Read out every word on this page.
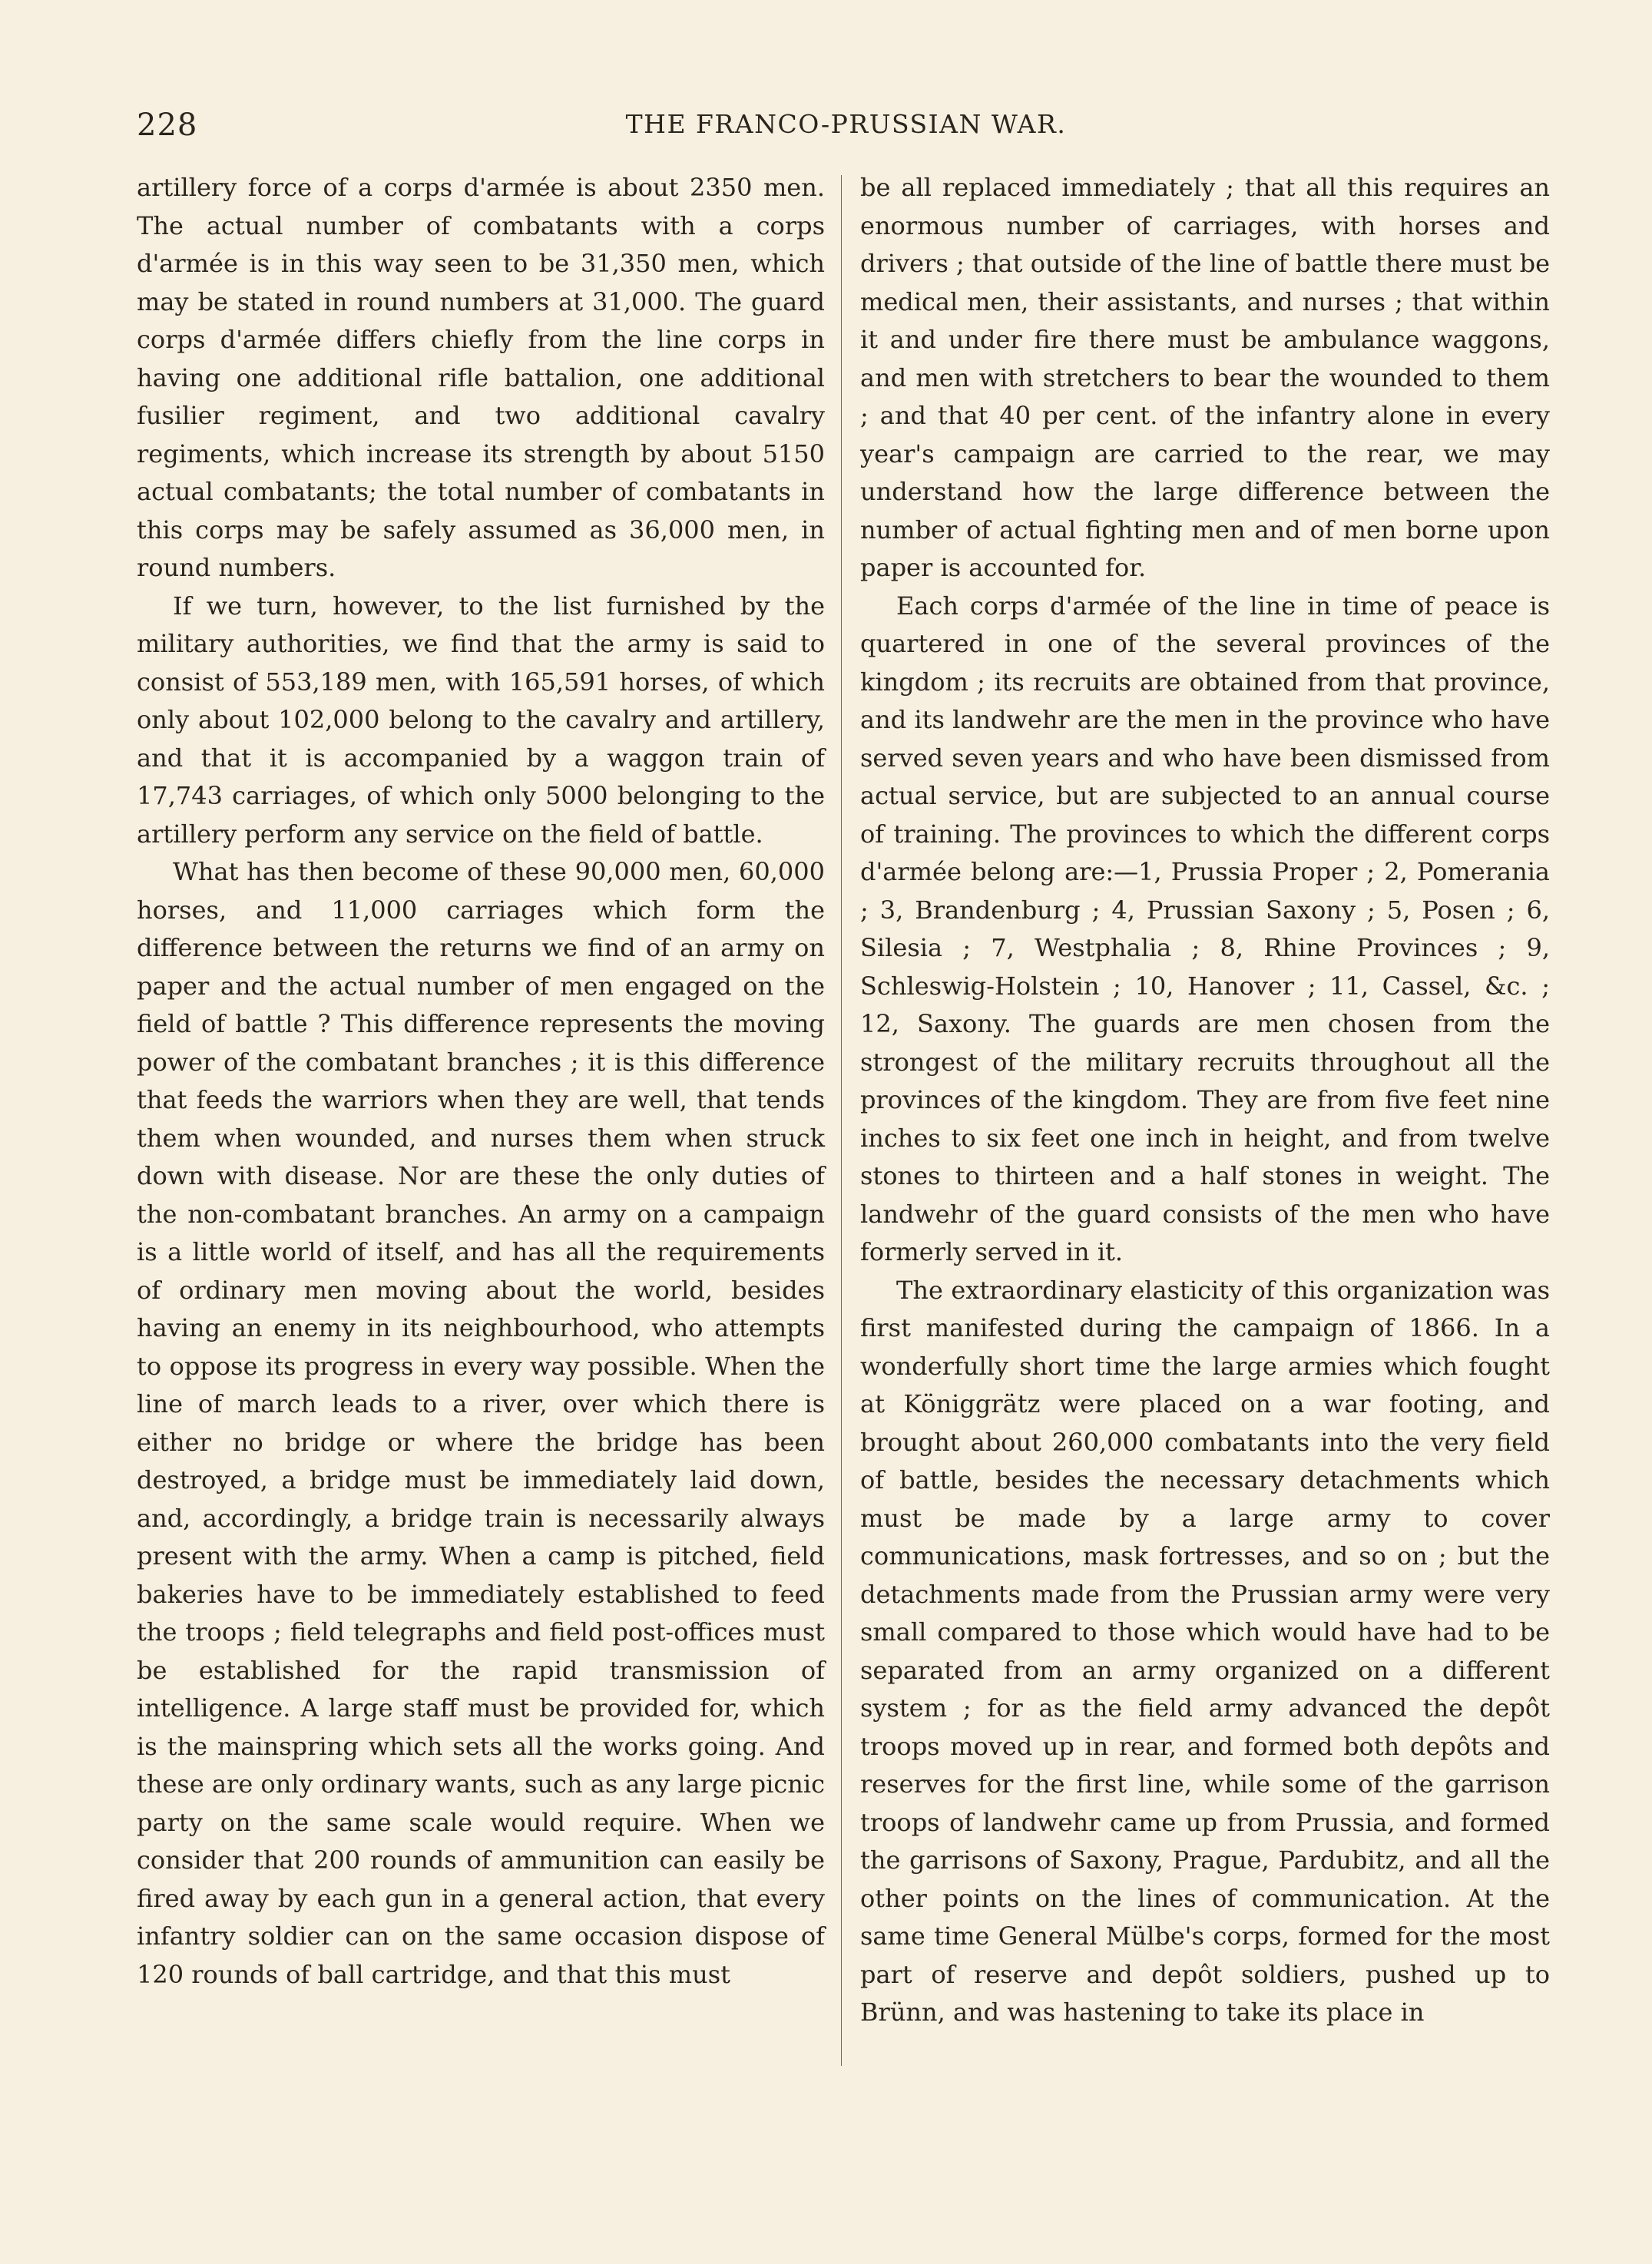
228	THE FRANCO-PRUSSIAN WAR.

artillery force of a corps d'armée is about 2350 men. The actual number of combatants with a corps d'armée is in this way seen to be 31,350 men, which may be stated in round numbers at 31,000. The guard corps d'armée differs chiefly from the line corps in having one additional rifle battalion, one additional fusilier regiment, and two additional cavalry regiments, which increase its strength by about 5150 actual combatants; the total number of combatants in this corps may be safely assumed as 36,000 men, in round numbers.

If we turn, however, to the list furnished by the military authorities, we find that the army is said to consist of 553,189 men, with 165,591 horses, of which only about 102,000 belong to the cavalry and artillery, and that it is accompanied by a waggon train of 17,743 carriages, of which only 5000 belonging to the artillery perform any service on the field of battle.

What has then become of these 90,000 men, 60,000 horses, and 11,000 carriages which form the difference between the returns we find of an army on paper and the actual number of men engaged on the field of battle ? This difference represents the moving power of the combatant branches ; it is this difference that feeds the warriors when they are well, that tends them when wounded, and nurses them when struck down with disease. Nor are these the only duties of the non-combatant branches. An army on a campaign is a little world of itself, and has all the requirements of ordinary men moving about the world, besides having an enemy in its neighbourhood, who attempts to oppose its progress in every way possible. When the line of march leads to a river, over which there is either no bridge or where the bridge has been destroyed, a bridge must be immediately laid down, and, accordingly, a bridge train is necessarily always present with the army. When a camp is pitched, field bakeries have to be immediately established to feed the troops ; field telegraphs and field post-offices must be established for the rapid transmission of intelligence. A large staff must be provided for, which is the mainspring which sets all the works going. And these are only ordinary wants, such as any large picnic party on the same scale would require. When we consider that 200 rounds of ammunition can easily be fired away by each gun in a general action, that every infantry soldier can on the same occasion dispose of 120 rounds of ball cartridge, and that this must

be all replaced immediately ; that all this requires an enormous number of carriages, with horses and drivers ; that outside of the line of battle there must be medical men, their assistants, and nurses ; that within it and under fire there must be ambulance waggons, and men with stretchers to bear the wounded to them ; and that 40 per cent. of the infantry alone in every year's campaign are carried to the rear, we may understand how the large difference between the number of actual fighting men and of men borne upon paper is accounted for.

Each corps d'armée of the line in time of peace is quartered in one of the several provinces of the kingdom ; its recruits are obtained from that province, and its landwehr are the men in the province who have served seven years and who have been dismissed from actual service, but are subjected to an annual course of training. The provinces to which the different corps d'armée belong are:—1, Prussia Proper ; 2, Pomerania ; 3, Brandenburg ; 4, Prussian Saxony ; 5, Posen ; 6, Silesia ; 7, Westphalia ; 8, Rhine Provinces ; 9, Schleswig-Holstein ; 10, Hanover ; 11, Cassel, &c. ; 12, Saxony. The guards are men chosen from the strongest of the military recruits throughout all the provinces of the kingdom. They are from five feet nine inches to six feet one inch in height, and from twelve stones to thirteen and a half stones in weight. The landwehr of the guard consists of the men who have formerly served in it.

The extraordinary elasticity of this organization was first manifested during the campaign of 1866. In a wonderfully short time the large armies which fought at Königgrätz were placed on a war footing, and brought about 260,000 combatants into the very field of battle, besides the necessary detachments which must be made by a large army to cover communications, mask fortresses, and so on ; but the detachments made from the Prussian army were very small compared to those which would have had to be separated from an army organized on a different system ; for as the field army advanced the depôt troops moved up in rear, and formed both depôts and reserves for the first line, while some of the garrison troops of landwehr came up from Prussia, and formed the garrisons of Saxony, Prague, Pardubitz, and all the other points on the lines of communication. At the same time General Mülbe's corps, formed for the most part of reserve and depôt soldiers, pushed up to Brünn, and was hastening to take its place in
